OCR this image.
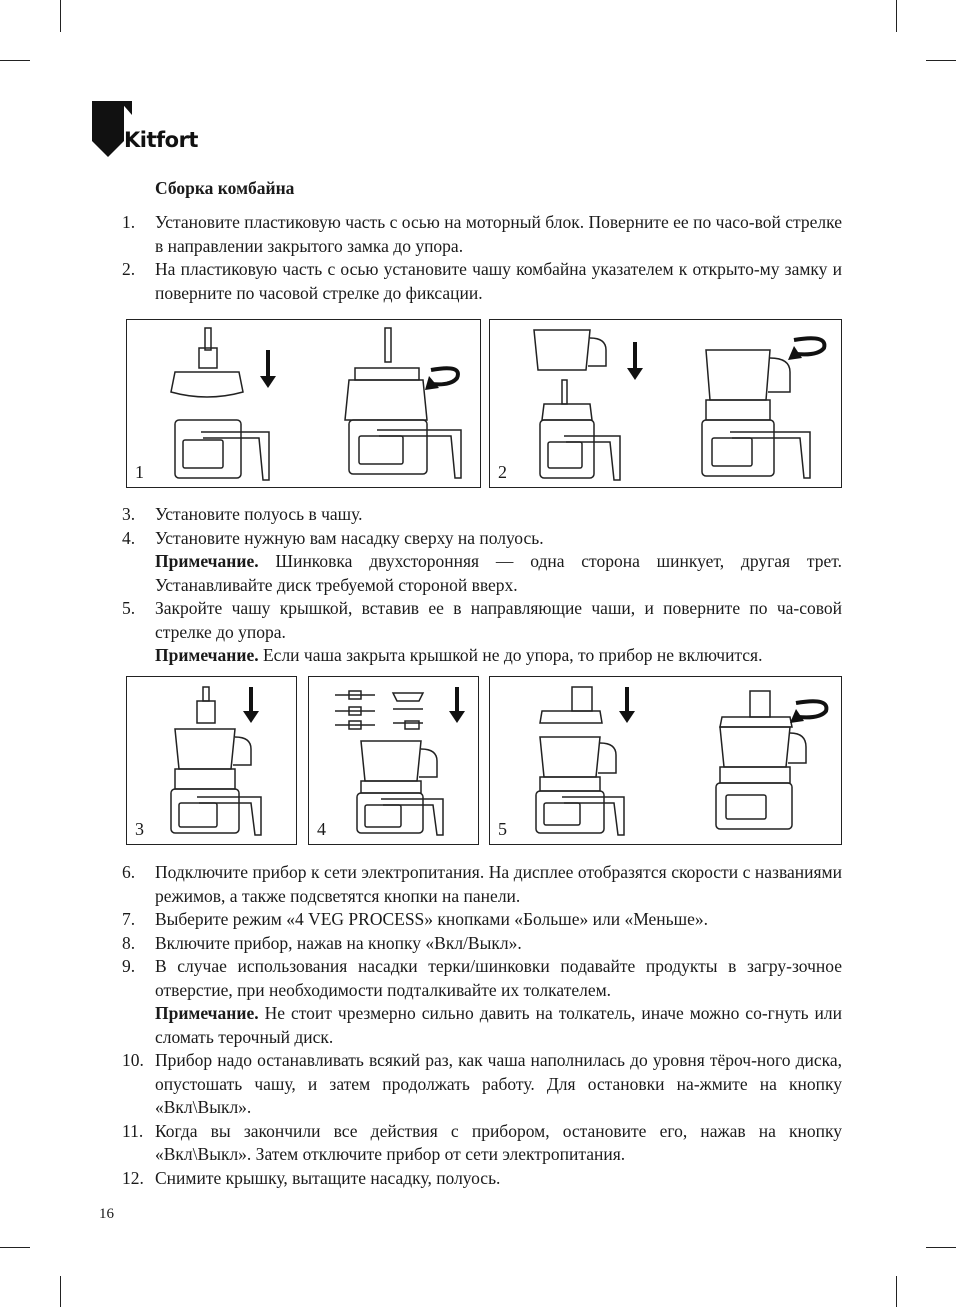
Kitfort
Сборка комбайна
1.	Установите пластиковую часть с осью на моторный блок. Поверните ее по часо-вой стрелке в направлении закрытого замка до упора.
2.	На пластиковую часть с осью установите чашу комбайна указателем к открыто-му замку и поверните по часовой стрелке до фиксации.
1	2
3.	Установите полуось в чашу.
4.	Установите нужную вам насадку сверху на полуось.
Примечание. Шинковка двухсторонняя — одна сторона шинкует, другая трет. Устанавливайте диск требуемой стороной вверх.
5.	Закройте чашу крышкой, вставив ее в направляющие чаши, и поверните по ча-совой стрелке до упора.
Примечание. Если чаша закрыта крышкой не до упора, то прибор не включится.
3	4	5
6.	Подключите прибор к сети электропитания. На дисплее отобразятся скорости с названиями режимов, а также подсветятся кнопки на панели.
7.	Выберите режим «4 VEG PROCESS» кнопками «Больше» или «Меньше».
8.	Включите прибор, нажав на кнопку «Вкл/Выкл».
9.	В случае использования насадки терки/шинковки подавайте продукты в загру-зочное отверстие, при необходимости подталкивайте их толкателем.
Примечание. Не стоит чрезмерно сильно давить на толкатель, иначе можно со-гнуть или сломать терочный диск.
10. Прибор надо останавливать всякий раз, как чаша наполнилась до уровня тёроч-ного диска, опустошать чашу, и затем продолжать работу. Для остановки на-жмите на кнопку «Вкл\Выкл».
11. Когда вы закончили все действия с прибором, остановите его, нажав на кнопку «Вкл\Выкл». Затем отключите прибор от сети электропитания.
12. Снимите крышку, вытащите насадку, полуось.
16
